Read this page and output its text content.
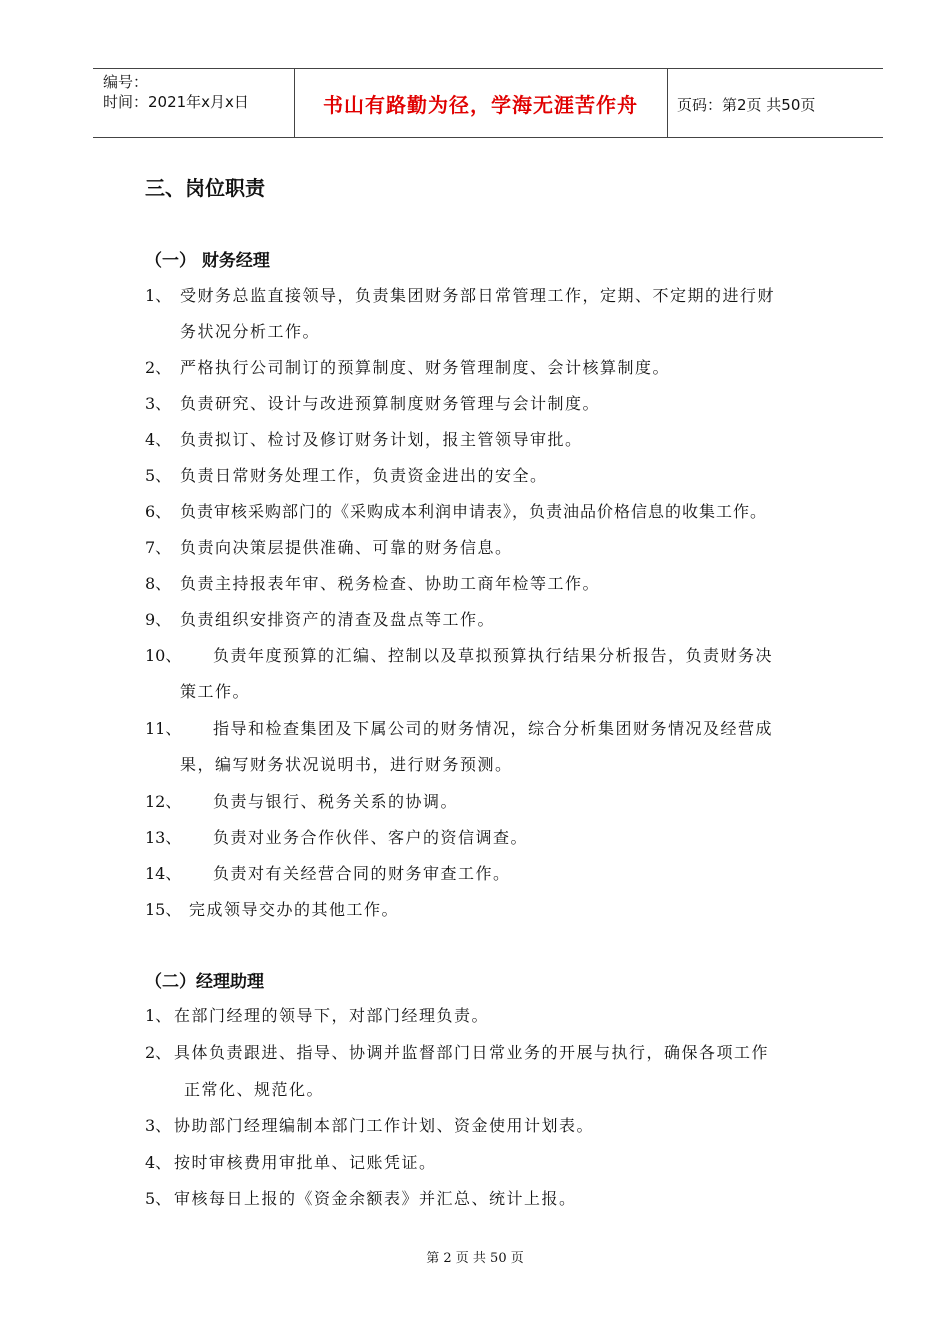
编号：
时间：2021年x月x日	书山有路勤为径，学海无涯苦作舟	页码：第2页 共50页
三、岗位职责
（一） 财务经理
1、 受财务总监直接领导，负责集团财务部日常管理工作，定期、不定期的进行财
务状况分析工作。
2、 严格执行公司制订的预算制度、财务管理制度、会计核算制度。
3、 负责研究、设计与改进预算制度财务管理与会计制度。
4、 负责拟订、检讨及修订财务计划，报主管领导审批。
5、 负责日常财务处理工作，负责资金进出的安全。
6、 负责审核采购部门的《采购成本利润申请表》，负责油品价格信息的收集工作。
7、 负责向决策层提供准确、可靠的财务信息。
8、 负责主持报表年审、税务检查、协助工商年检等工作。
9、 负责组织安排资产的清查及盘点等工作。
10、 负责年度预算的汇编、控制以及草拟预算执行结果分析报告，负责财务决
策工作。
11、 指导和检查集团及下属公司的财务情况，综合分析集团财务情况及经营成
果，编写财务状况说明书，进行财务预测。
12、 负责与银行、税务关系的协调。
13、 负责对业务合作伙伴、客户的资信调查。
14、 负责对有关经营合同的财务审查工作。
15、 完成领导交办的其他工作。
（二）经理助理
1、 在部门经理的领导下，对部门经理负责。
2、 具体负责跟进、指导、协调并监督部门日常业务的开展与执行，确保各项工作
正常化、规范化。
3、 协助部门经理编制本部门工作计划、资金使用计划表。
4、 按时审核费用审批单、记账凭证。
5、 审核每日上报的《资金余额表》并汇总、统计上报。
第 2 页 共 50 页
